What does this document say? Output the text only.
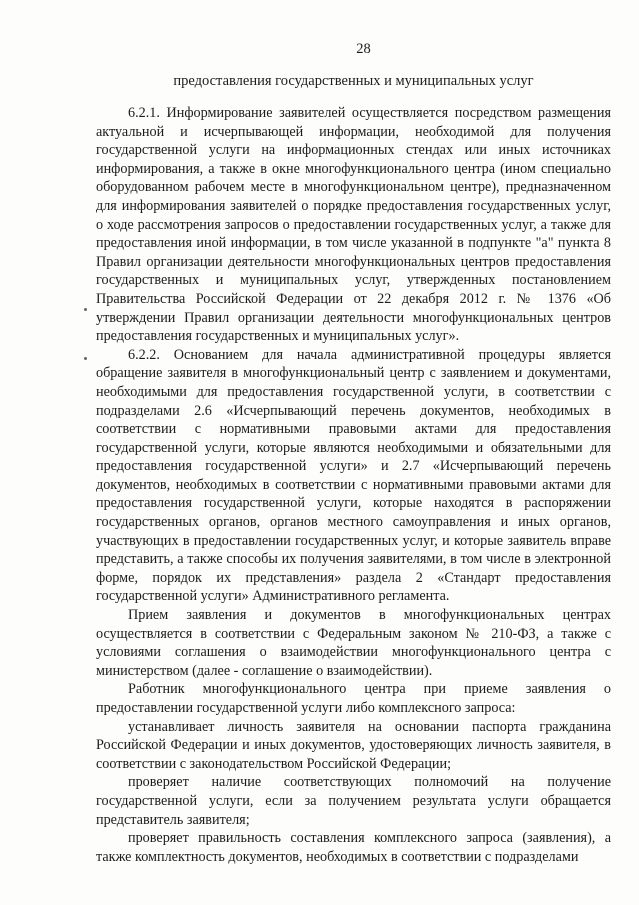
28
предоставления государственных и муниципальных услуг

6.2.1. Информирование заявителей осуществляется посредством размещения актуальной и исчерпывающей информации, необходимой для получения государственной услуги на информационных стендах или иных источниках информирования, а также в окне многофункционального центра (ином специально оборудованном рабочем месте в многофункциональном центре), предназначенном для информирования заявителей о порядке предоставления государственных услуг, о ходе рассмотрения запросов о предоставлении государственных услуг, а также для предоставления иной информации, в том числе указанной в подпункте "а" пункта 8 Правил организации деятельности многофункциональных центров предоставления государственных и муниципальных услуг, утвержденных постановлением Правительства Российской Федерации от 22 декабря 2012 г. № 1376 «Об утверждении Правил организации деятельности многофункциональных центров предоставления государственных и муниципальных услуг».

6.2.2. Основанием для начала административной процедуры является обращение заявителя в многофункциональный центр с заявлением и документами, необходимыми для предоставления государственной услуги, в соответствии с подразделами 2.6 «Исчерпывающий перечень документов, необходимых в соответствии с нормативными правовыми актами для предоставления государственной услуги, которые являются необходимыми и обязательными для предоставления государственной услуги» и 2.7 «Исчерпывающий перечень документов, необходимых в соответствии с нормативными правовыми актами для предоставления государственной услуги, которые находятся в распоряжении государственных органов, органов местного самоуправления и иных органов, участвующих в предоставлении государственных услуг, и которые заявитель вправе представить, а также способы их получения заявителями, в том числе в электронной форме, порядок их представления» раздела 2 «Стандарт предоставления государственной услуги» Административного регламента.

Прием заявления и документов в многофункциональных центрах осуществляется в соответствии с Федеральным законом № 210-ФЗ, а также с условиями соглашения о взаимодействии многофункционального центра с министерством (далее - соглашение о взаимодействии).

Работник многофункционального центра при приеме заявления о предоставлении государственной услуги либо комплексного запроса:

устанавливает личность заявителя на основании паспорта гражданина Российской Федерации и иных документов, удостоверяющих личность заявителя, в соответствии с законодательством Российской Федерации;

проверяет наличие соответствующих полномочий на получение государственной услуги, если за получением результата услуги обращается представитель заявителя;

проверяет правильность составления комплексного запроса (заявления), а также комплектность документов, необходимых в соответствии с подразделами
